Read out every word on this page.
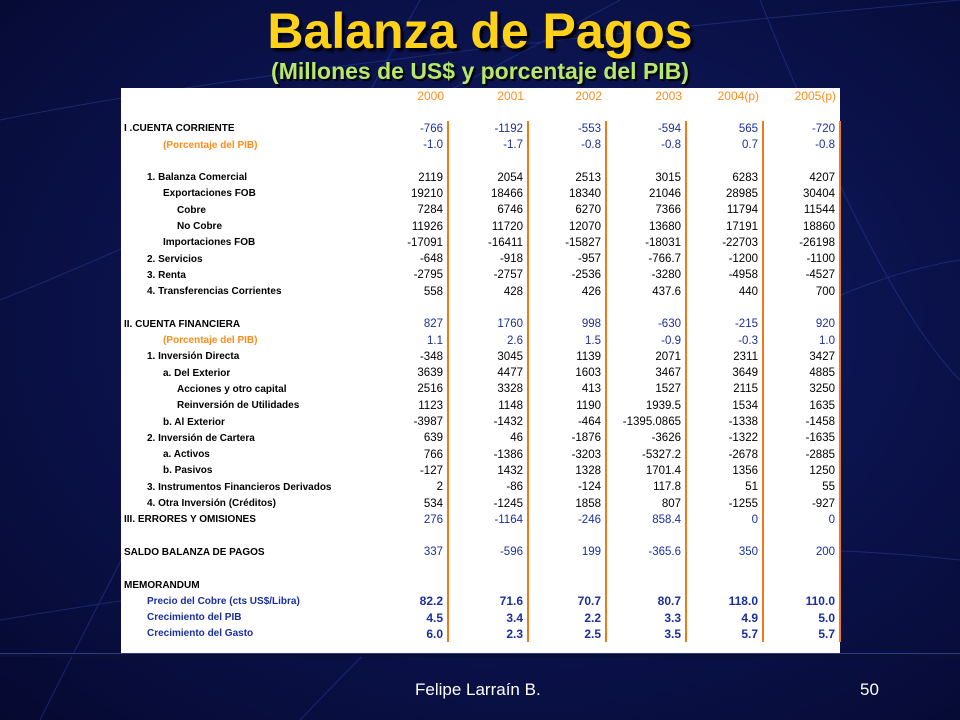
Balanza de Pagos
(Millones de US$ y porcentaje del PIB)
	2000	2001	2002	2003	2004(p)	2005(p)

I .CUENTA CORRIENTE	-766	-1192	-553	-594	565	-720
(Porcentaje del PIB)	-1.0	-1.7	-0.8	-0.8	0.7	-0.8

1. Balanza Comercial	2119	2054	2513	3015	6283	4207
Exportaciones FOB	19210	18466	18340	21046	28985	30404
Cobre	7284	6746	6270	7366	11794	11544
No Cobre	11926	11720	12070	13680	17191	18860
Importaciones FOB	-17091	-16411	-15827	-18031	-22703	-26198
2. Servicios	-648	-918	-957	-766.7	-1200	-1100
3. Renta	-2795	-2757	-2536	-3280	-4958	-4527
4. Transferencias Corrientes	558	428	426	437.6	440	700

II. CUENTA FINANCIERA	827	1760	998	-630	-215	920
(Porcentaje del PIB)	1.1	2.6	1.5	-0.9	-0.3	1.0
1. Inversión Directa	-348	3045	1139	2071	2311	3427
a. Del Exterior	3639	4477	1603	3467	3649	4885
Acciones y otro capital	2516	3328	413	1527	2115	3250
Reinversión de Utilidades	1123	1148	1190	1939.5	1534	1635
b. Al Exterior	-3987	-1432	-464	-1395.0865	-1338	-1458
2. Inversión de Cartera	639	46	-1876	-3626	-1322	-1635
a. Activos	766	-1386	-3203	-5327.2	-2678	-2885
b. Pasivos	-127	1432	1328	1701.4	1356	1250
3. Instrumentos Financieros Derivados	2	-86	-124	117.8	51	55
4. Otra Inversión (Créditos)	534	-1245	1858	807	-1255	-927
III. ERRORES Y OMISIONES	276	-1164	-246	858.4	0	0

SALDO BALANZA DE PAGOS	337	-596	199	-365.6	350	200

MEMORANDUM						
Precio del Cobre (cts US$/Libra)	82.2	71.6	70.7	80.7	118.0	110.0
Crecimiento del PIB	4.5	3.4	2.2	3.3	4.9	5.0
Crecimiento del Gasto	6.0	2.3	2.5	3.5	5.7	5.7
Felipe Larraín B.	50
